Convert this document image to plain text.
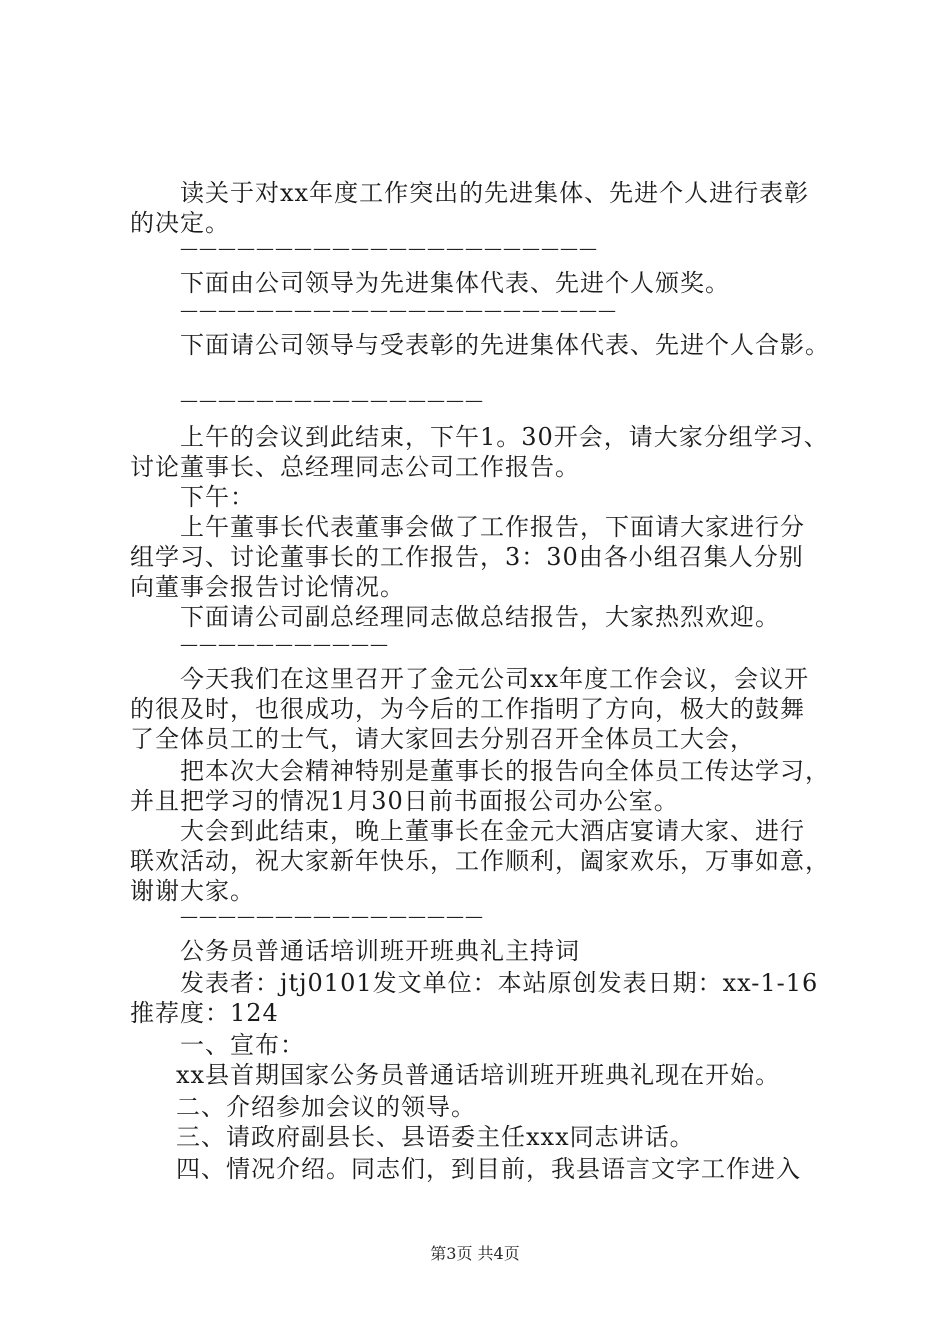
读关于对xx年度工作突出的先进集体、先进个人进行表彰
的决定。
——————————————————————
下面由公司领导为先进集体代表、先进个人颁奖。
———————————————————————
下面请公司领导与受表彰的先进集体代表、先进个人合影。
————————————————
上午的会议到此结束，下午1。30开会，请大家分组学习、
讨论董事长、总经理同志公司工作报告。
下午：
上午董事长代表董事会做了工作报告，下面请大家进行分
组学习、讨论董事长的工作报告，3：30由各小组召集人分别
向董事会报告讨论情况。
下面请公司副总经理同志做总结报告，大家热烈欢迎。
———————————
今天我们在这里召开了金元公司xx年度工作会议，会议开
的很及时，也很成功，为今后的工作指明了方向，极大的鼓舞
了全体员工的士气，请大家回去分别召开全体员工大会，
把本次大会精神特别是董事长的报告向全体员工传达学习，
并且把学习的情况1月30日前书面报公司办公室。
大会到此结束，晚上董事长在金元大酒店宴请大家、进行
联欢活动，祝大家新年快乐，工作顺利，阖家欢乐，万事如意，
谢谢大家。
————————————————
公务员普通话培训班开班典礼主持词
发表者：jtj0101发文单位：本站原创发表日期：xx-1-16
推荐度：124
一、宣布：
xx县首期国家公务员普通话培训班开班典礼现在开始。
二、介绍参加会议的领导。
三、请政府副县长、县语委主任xxx同志讲话。
四、情况介绍。同志们，到目前，我县语言文字工作进入
第3页 共4页
